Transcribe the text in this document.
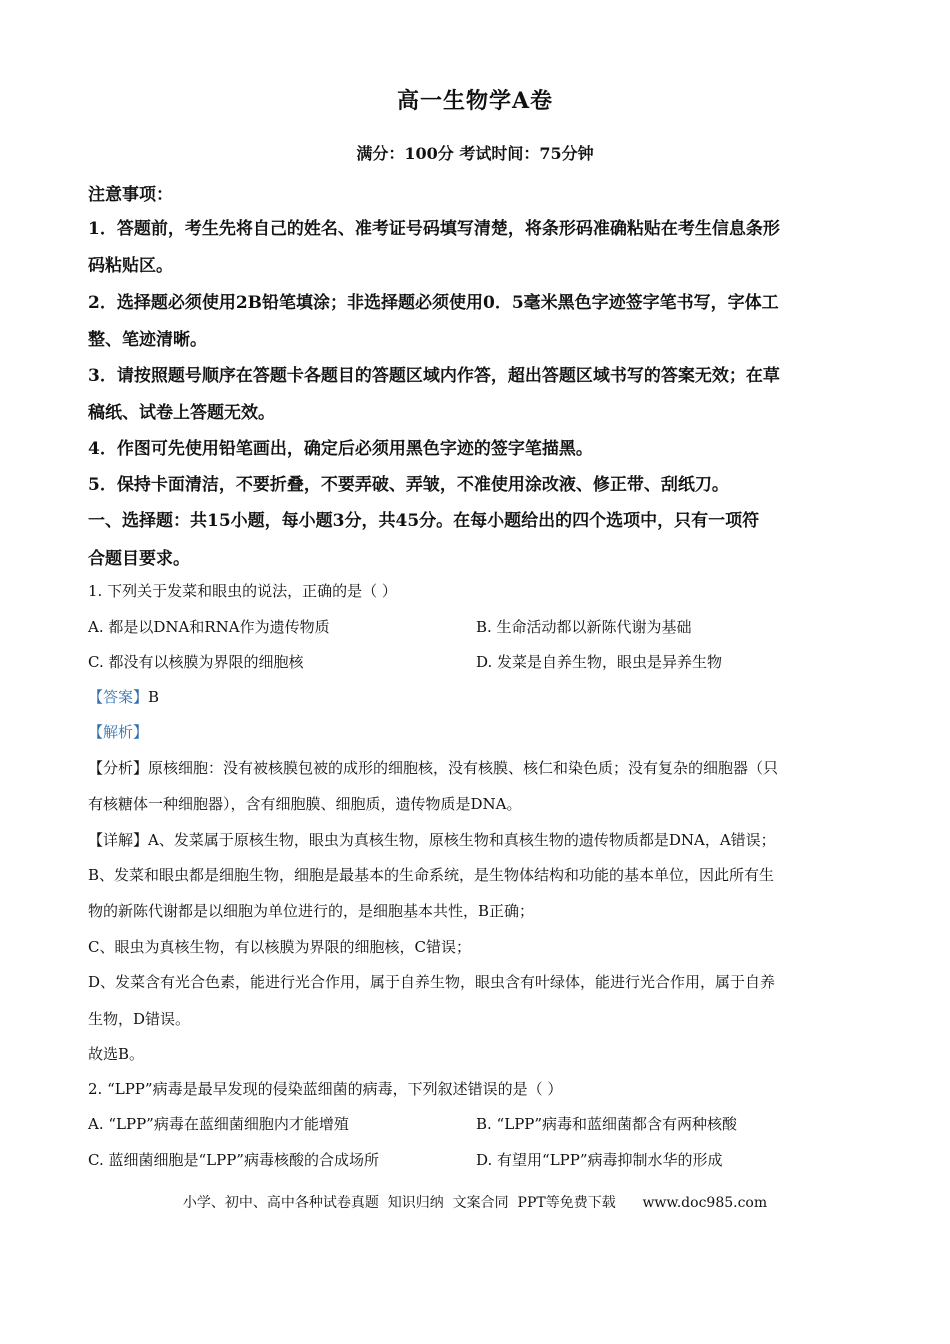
高一生物学A卷
满分：100分 考试时间：75分钟
注意事项：
1．答题前，考生先将自己的姓名、准考证号码填写清楚，将条形码准确粘贴在考生信息条形
码粘贴区。
2．选择题必须使用2B铅笔填涂；非选择题必须使用0．5毫米黑色字迹签字笔书写，字体工
整、笔迹清晰。
3．请按照题号顺序在答题卡各题目的答题区域内作答，超出答题区域书写的答案无效；在草
稿纸、试卷上答题无效。
4．作图可先使用铅笔画出，确定后必须用黑色字迹的签字笔描黑。
5．保持卡面清洁，不要折叠，不要弄破、弄皱，不准使用涂改液、修正带、刮纸刀。
一、选择题：共15小题，每小题3分，共45分。在每小题给出的四个选项中，只有一项符
合题目要求。
1. 下列关于发菜和眼虫的说法，正确的是（ ）
A. 都是以DNA和RNA作为遗传物质	B. 生命活动都以新陈代谢为基础
C. 都没有以核膜为界限的细胞核	D. 发菜是自养生物，眼虫是异养生物
【答案】B
【解析】
【分析】原核细胞：没有被核膜包被的成形的细胞核，没有核膜、核仁和染色质；没有复杂的细胞器（只
有核糖体一种细胞器），含有细胞膜、细胞质，遗传物质是DNA。
【详解】A、发菜属于原核生物，眼虫为真核生物，原核生物和真核生物的遗传物质都是DNA，A错误；
B、发菜和眼虫都是细胞生物，细胞是最基本的生命系统，是生物体结构和功能的基本单位，因此所有生
物的新陈代谢都是以细胞为单位进行的，是细胞基本共性，B正确；
C、眼虫为真核生物，有以核膜为界限的细胞核，C错误；
D、发菜含有光合色素，能进行光合作用，属于自养生物，眼虫含有叶绿体，能进行光合作用，属于自养
生物，D错误。
故选B。
2. “LPP”病毒是最早发现的侵染蓝细菌的病毒，下列叙述错误的是（ ）
A. “LPP”病毒在蓝细菌细胞内才能增殖	B. “LPP”病毒和蓝细菌都含有两种核酸
C. 蓝细菌细胞是“LPP”病毒核酸的合成场所	D. 有望用“LPP”病毒抑制水华的形成
小学、初中、高中各种试卷真题  知识归纳  文案合同  PPT等免费下载      www.doc985.com
